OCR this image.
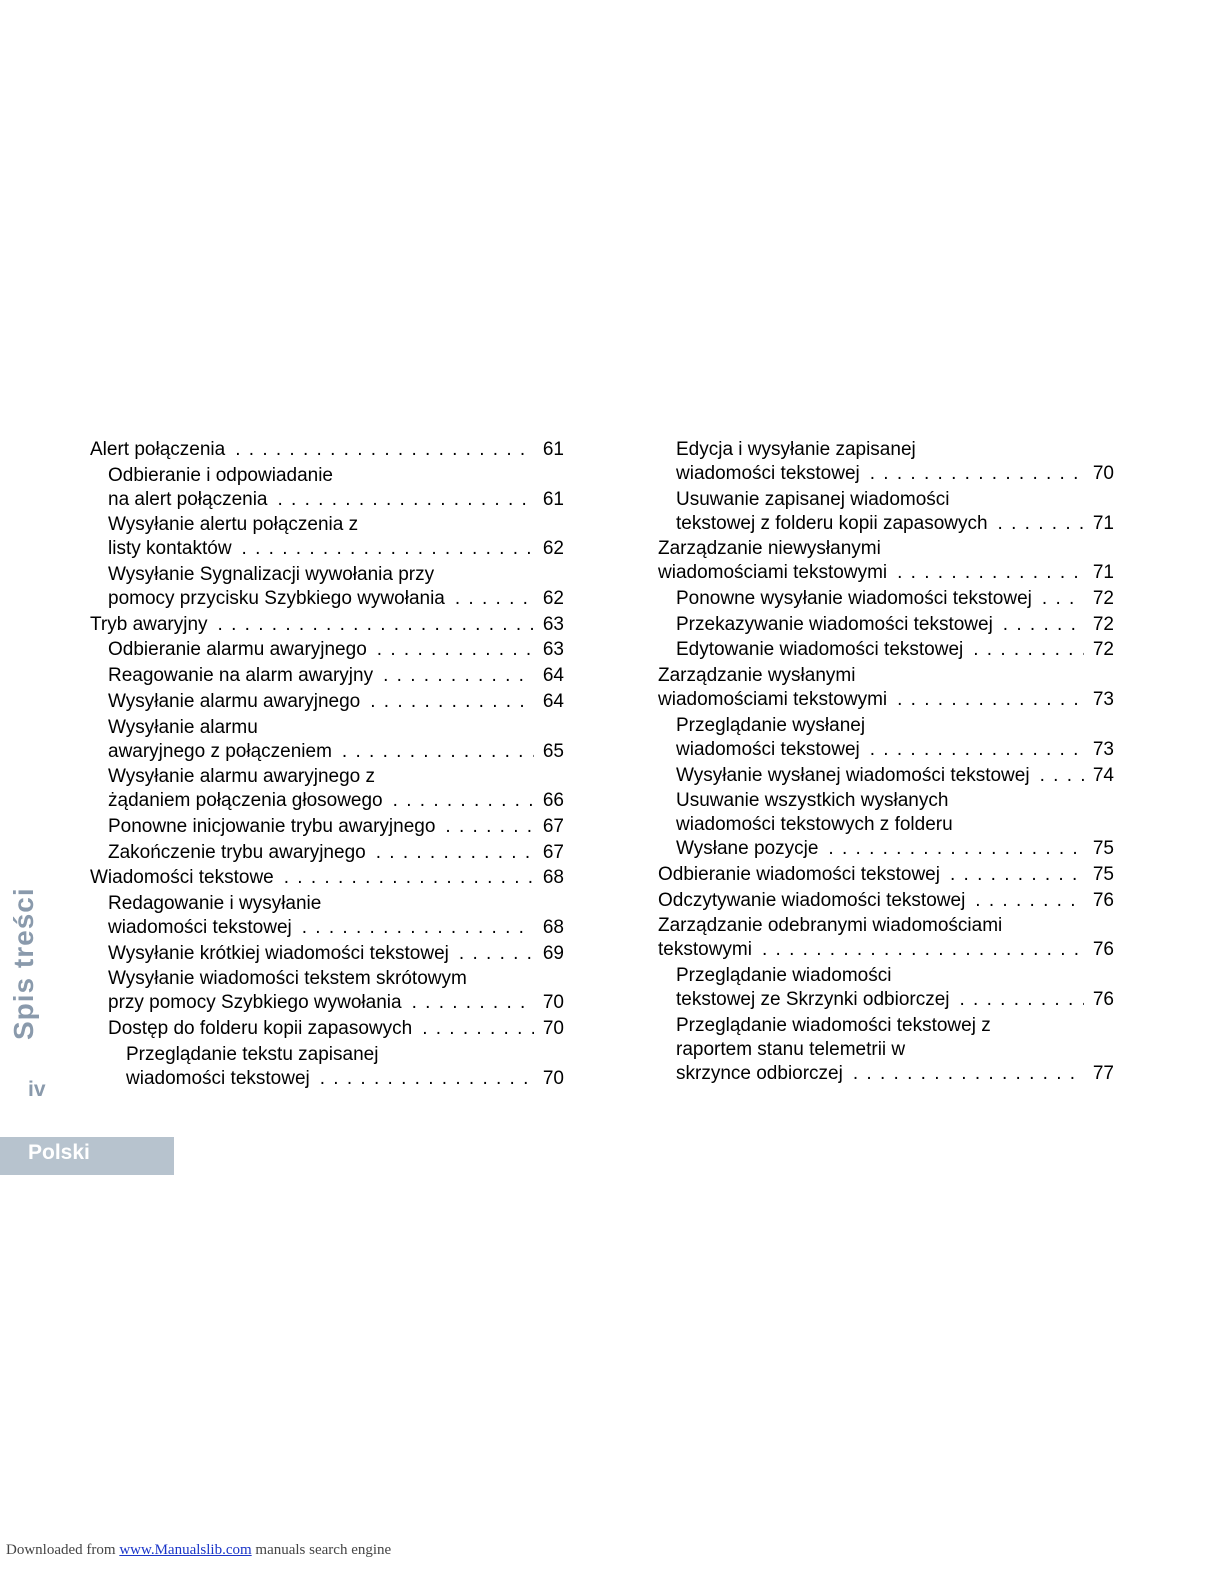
Alert połączenia . . .	61
Odbieranie i odpowiadanie
na alert połączenia . . .	61
Wysyłanie alertu połączenia z
listy kontaktów . . .	62
Wysyłanie Sygnalizacji wywołania przy
pomocy przycisku Szybkiego wywołania . . .	62
Tryb awaryjny . . .	63
Odbieranie alarmu awaryjnego . . .	63
Reagowanie na alarm awaryjny . . .	64
Wysyłanie alarmu awaryjnego . . .	64
Wysyłanie alarmu
awaryjnego z połączeniem . . .	65
Wysyłanie alarmu awaryjnego z
żądaniem połączenia głosowego . . .	66
Ponowne inicjowanie trybu awaryjnego . . .	67
Zakończenie trybu awaryjnego . . .	67
Wiadomości tekstowe . . .	68
Redagowanie i wysyłanie
wiadomości tekstowej . . .	68
Wysyłanie krótkiej wiadomości tekstowej . . .	69
Wysyłanie wiadomości tekstem skrótowym
przy pomocy Szybkiego wywołania . . .	70
Dostęp do folderu kopii zapasowych . . .	70
Przeglądanie tekstu zapisanej
wiadomości tekstowej . . .	70
Edycja i wysyłanie zapisanej
wiadomości tekstowej . . .	70
Usuwanie zapisanej wiadomości
tekstowej z folderu kopii zapasowych . . .	71
Zarządzanie niewysłanymi
wiadomościami tekstowymi . . .	71
Ponowne wysyłanie wiadomości tekstowej . . .	72
Przekazywanie wiadomości tekstowej . . .	72
Edytowanie wiadomości tekstowej . . .	72
Zarządzanie wysłanymi
wiadomościami tekstowymi . . .	73
Przeglądanie wysłanej
wiadomości tekstowej . . .	73
Wysyłanie wysłanej wiadomości tekstowej . . .	74
Usuwanie wszystkich wysłanych
wiadomości tekstowych z folderu
Wysłane pozycje . . .	75
Odbieranie wiadomości tekstowej . . .	75
Odczytywanie wiadomości tekstowej . . .	76
Zarządzanie odebranymi wiadomościami
tekstowymi . . .	76
Przeglądanie wiadomości
tekstowej ze Skrzynki odbiorczej . . .	76
Przeglądanie wiadomości tekstowej z
raportem stanu telemetrii w
skrzynce odbiorczej . . .	77
Spis treści
iv
Polski
Downloaded from www.Manualslib.com manuals search engine
